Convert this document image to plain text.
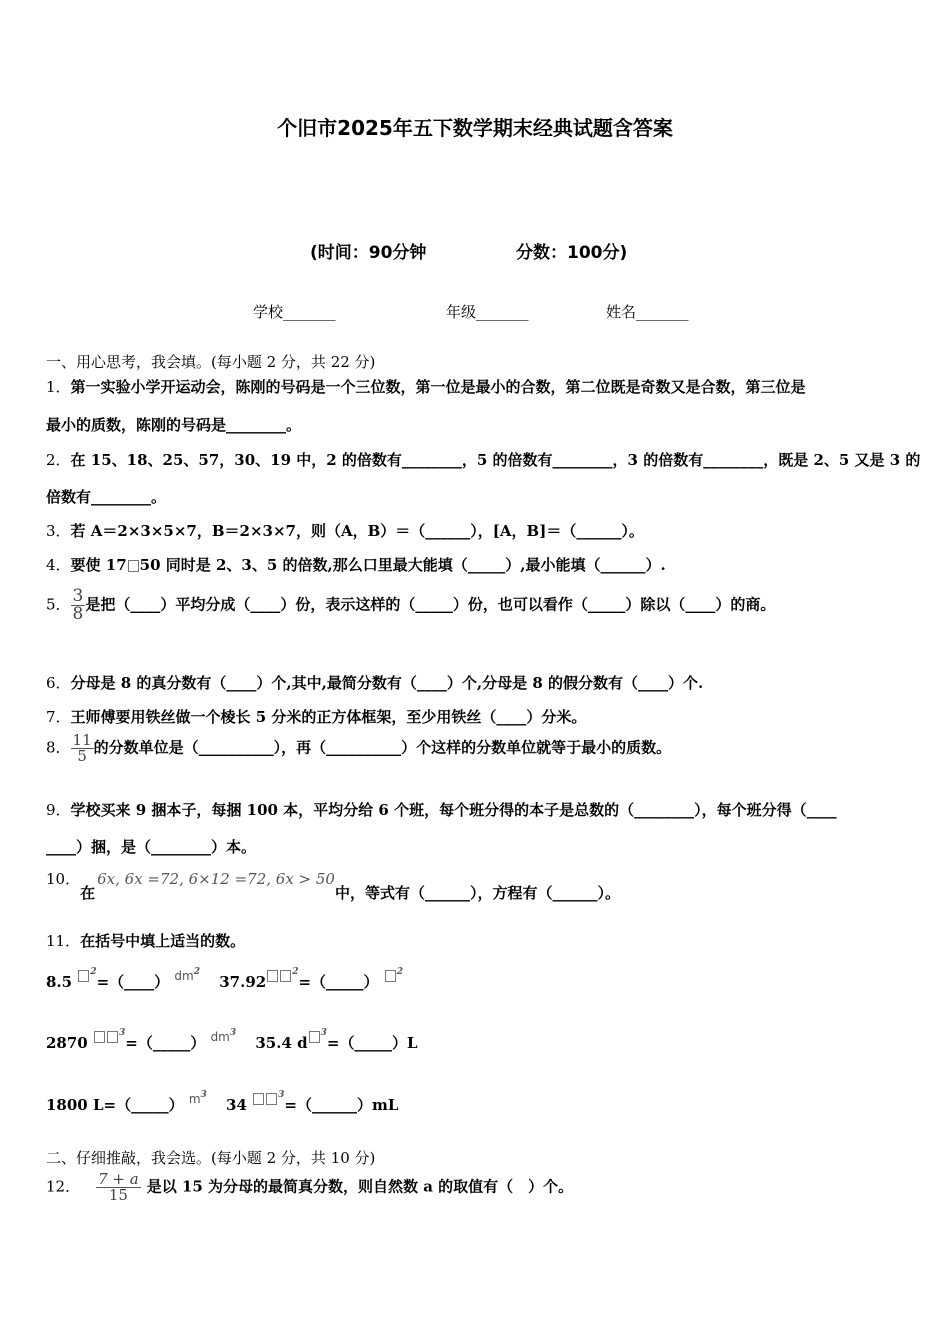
个旧市2025年五下数学期末经典试题含答案
(时间：90分钟	分数：100分)
学校_______	年级_______	姓名_______
一、用心思考，我会填。(每小题 2 分，共 22 分)
1．第一实验小学开运动会，陈刚的号码是一个三位数，第一位是最小的合数，第二位既是奇数又是合数，第三位是
最小的质数，陈刚的号码是________。
2．在 15、18、25、57，30、19 中，2 的倍数有________，5 的倍数有________，3 的倍数有________，既是 2、5 又是 3 的
倍数有________。
3．若 A＝2×3×5×7，B＝2×3×7，则（A，B）＝（______），[A，B]＝（______）。
4．要使 17 50 同时是 2、3、5 的倍数,那么口里最大能填（_____）,最小能填（______）.
5． $\frac{3}{8}$ 是把（____）平均分成（____）份，表示这样的（_____）份，也可以看作（_____）除以（____）的商。
6．分母是 8 的真分数有（____）个,其中,最简分数有（____）个,分母是 8 的假分数有（____）个.
7．王师傅要用铁丝做一个棱长 5 分米的正方体框架，至少用铁丝（____）分米。
8． $\frac{11}{5}$ 的分数单位是（__________），再（__________）个这样的分数单位就等于最小的质数。
9．学校买来 9 捆本子，每捆 100 本，平均分给 6 个班，每个班分得的本子是总数的（________），每个班分得（____
____）捆，是（________）本。
10．在6x, 6x =72, 6×12 =72, 6x > 50中，等式有（______），方程有（______）。
11．在括号中填上适当的数。
8.5 $^2$=（____） $dm^2$ $37.92^2=(\_\_\_\_\_)$ $^2$
2870 $^3$=（_____） $dm^3$ 35.4 $d^3=(\_\_\_\_\_)L$
1800 L=（_____） $m^3$ 34 $^3$=（______）mL
二、仔细推敲，我会选。(每小题 2 分，共 10 分)
12． $\frac{7 + a}{15}$ 是以 15 为分母的最简真分数，则自然数 a 的取值有（　）个。
